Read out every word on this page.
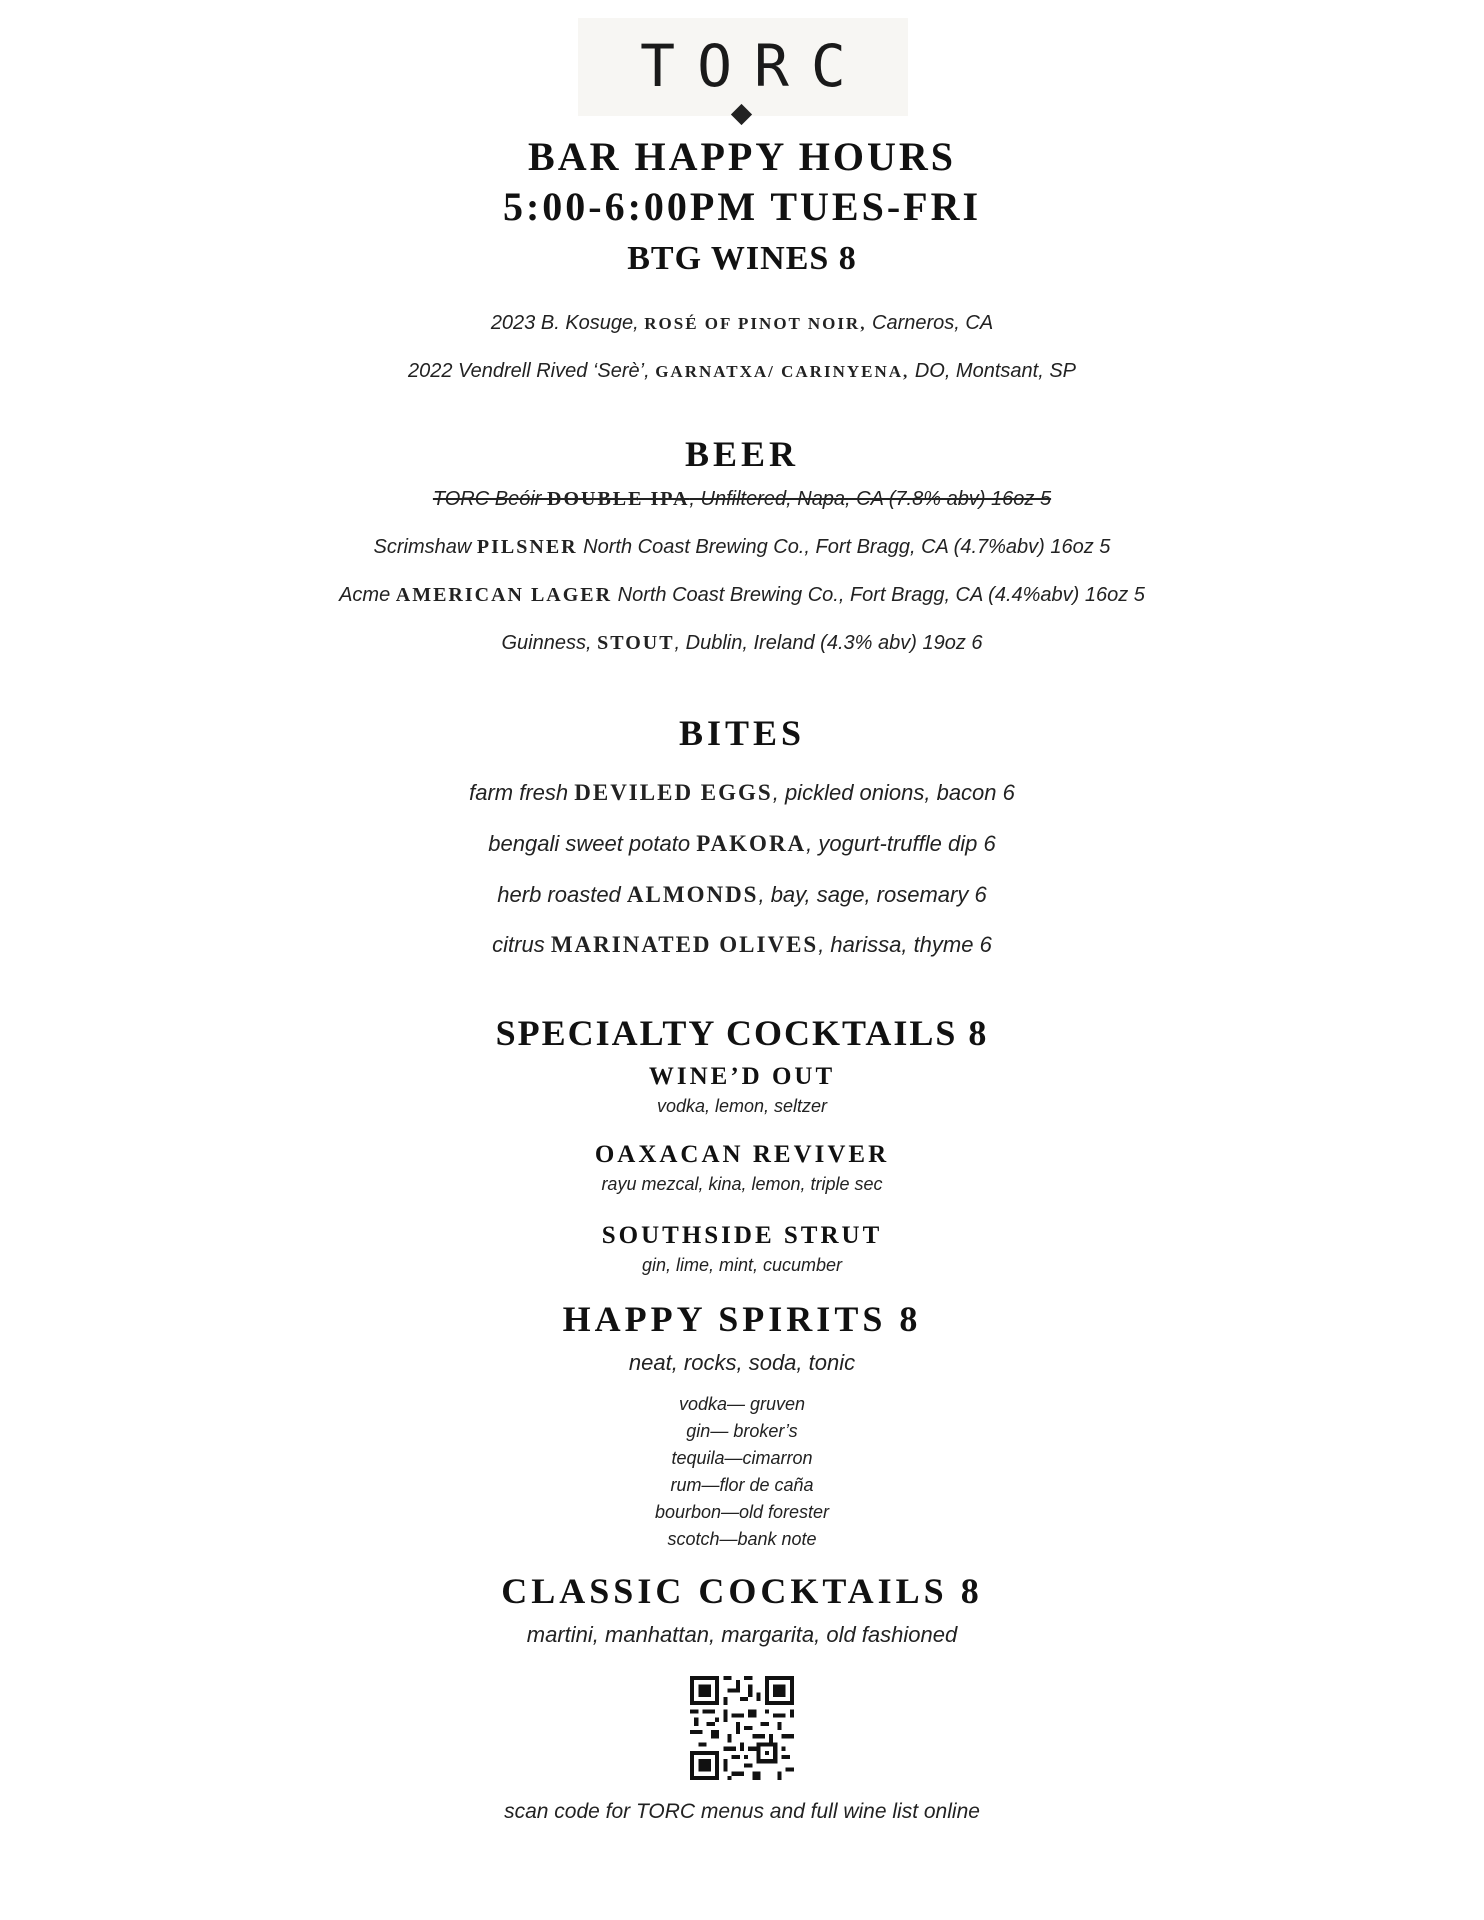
TORC
BAR HAPPY HOURS
5:00-6:00PM TUES-FRI
BTG WINES 8
2023 B. Kosuge, ROSÉ OF PINOT NOIR, Carneros, CA
2022 Vendrell Rived ‘Serè’, GARNATXA/ CARINYENA, DO, Montsant, SP
BEER
TORC Beóir DOUBLE IPA, Unfiltered, Napa, CA (7.8% abv) 16oz 5
Scrimshaw PILSNER North Coast Brewing Co., Fort Bragg, CA (4.7%abv) 16oz 5
Acme AMERICAN LAGER North Coast Brewing Co., Fort Bragg, CA (4.4%abv) 16oz 5
Guinness, STOUT, Dublin, Ireland (4.3% abv) 19oz 6
BITES
farm fresh DEVILED EGGS, pickled onions, bacon 6
bengali sweet potato PAKORA, yogurt-truffle dip 6
herb roasted ALMONDS, bay, sage, rosemary 6
citrus MARINATED OLIVES, harissa, thyme 6
SPECIALTY COCKTAILS 8
WINE’D OUT
vodka, lemon, seltzer
OAXACAN REVIVER
rayu mezcal, kina, lemon, triple sec
SOUTHSIDE STRUT
gin, lime, mint, cucumber
HAPPY SPIRITS 8
neat, rocks, soda, tonic
vodka— gruven
gin— broker’s
tequila—cimarron
rum—flor de caña
bourbon—old forester
scotch—bank note
CLASSIC COCKTAILS 8
martini, manhattan, margarita, old fashioned
scan code for TORC menus and full wine list online
